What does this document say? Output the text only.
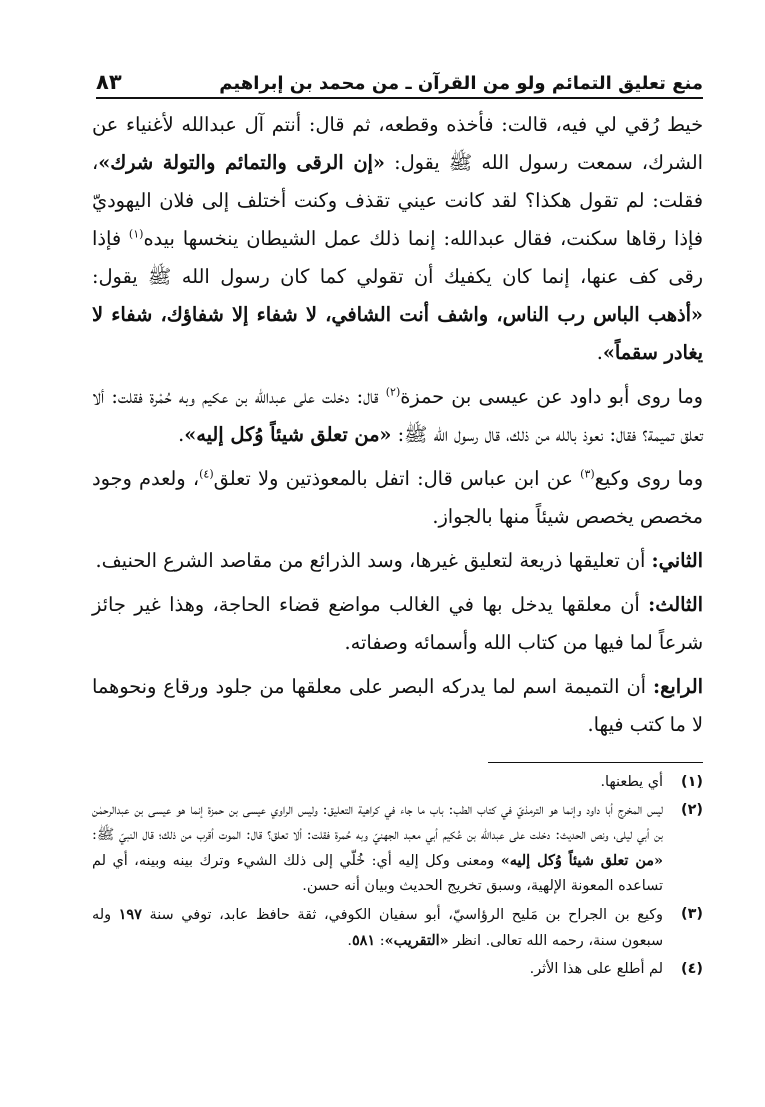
منع تعليق التمائم ولو من القرآن ـ من محمد بن إبراهيم
٨٣

خيط رُقي لي فيه، قالت: فأخذه وقطعه، ثم قال: أنتم آل عبدالله لأغنياء عن الشرك، سمعت رسول الله ﷺ يقول: «إن الرقى والتمائم والتولة شرك»، فقلت: لم تقول هكذا؟ لقد كانت عيني تقذف وكنت أختلف إلى فلان اليهوديّ فإذا رقاها سكنت، فقال عبدالله: إنما ذلك عمل الشيطان ينخسها بيده$^{(١)}$ فإذا رقى كف عنها، إنما كان يكفيك أن تقولي كما كان رسول الله ﷺ يقول: «أذهب الباس رب الناس، واشف أنت الشافي، لا شفاء إلا شفاؤك، شفاء لا يغادر سقماً».

وما روى أبو داود عن عيسى بن حمزة$^{(٢)}$ قال: دخلت على عبدالله بن عكيم وبه حُمْرة فقلت: ألا تعلق تميمة؟ فقال: نعوذ بالله من ذلك، قال رسول الله ﷺ: «من تعلق شيئاً وُكل إليه».

وما روى وكيع$^{(٣)}$ عن ابن عباس قال: اتفل بالمعوذتين ولا تعلق$^{(٤)}$، ولعدم وجود مخصص يخصص شيئاً منها بالجواز.

الثاني: أن تعليقها ذريعة لتعليق غيرها، وسد الذرائع من مقاصد الشرع الحنيف.

الثالث: أن معلقها يدخل بها في الغالب مواضع قضاء الحاجة، وهذا غير جائز شرعاً لما فيها من كتاب الله وأسمائه وصفاته.

الرابع: أن التميمة اسم لما يدركه البصر على معلقها من جلود ورقاع ونحوهما لا ما كتب فيها.

(١)
أي يطعنها.
(٢)
ليس المخرج أبا داود وإنما هو الترمذيّ في كتاب الطب: باب ما جاء في كراهية التعليق: وليس الراوي عيسى بن حمزة إنما هو عيسى بن عبدالرحمٰن بن أبي ليلى، ونص الحديث: دخلت على عبدالله بن عُكيم أبي معبد الجهنيّ وبه حُمرة فقلت: ألا تعلق؟ قال: الموت أقرب من ذلك؛ قال النبيّ ﷺ: «من تعلق شيئاً وُكل إليه» ومعنى وكل إليه أي: خُلّي إلى ذلك الشيء وترك بينه وبينه، أي لم تساعده المعونة الإلهية، وسبق تخريج الحديث وبيان أنه حسن.
(٣)
وكيع بن الجراح بن مَليح الرؤاسيّ، أبو سفيان الكوفي، ثقة حافظ عابد، توفي سنة ١٩٧ وله سبعون سنة، رحمه الله تعالى. انظر «التقريب»: ٥٨١.
(٤)
لم أطلع على هذا الأثر.
